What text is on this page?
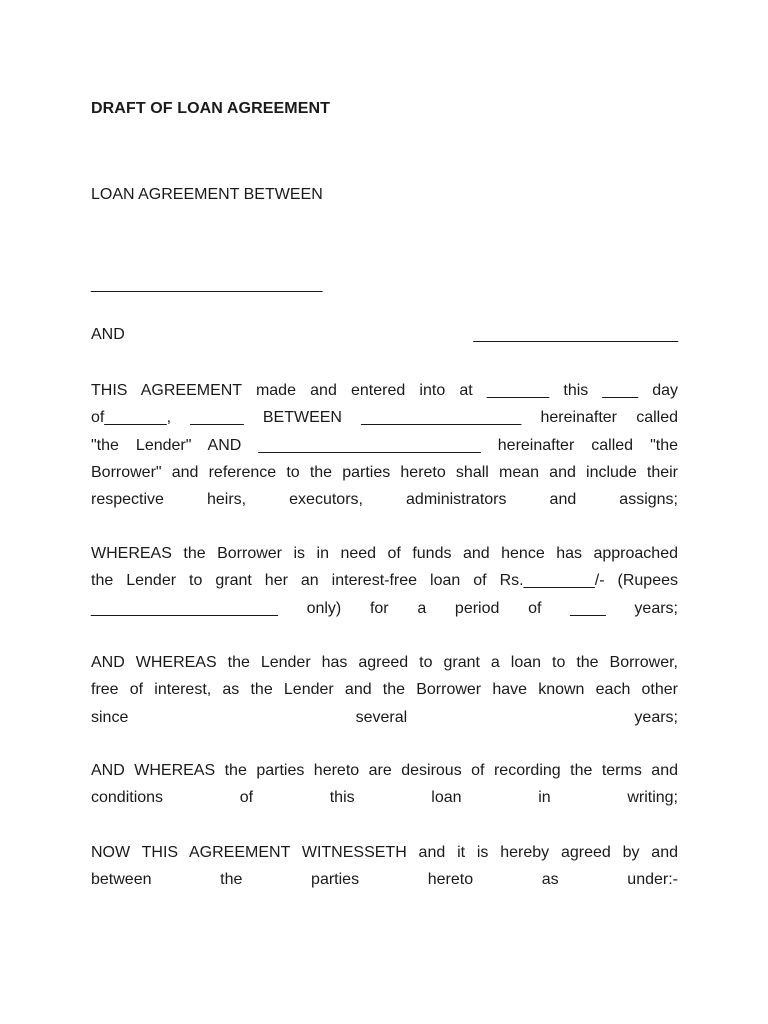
DRAFT OF LOAN AGREEMENT
LOAN AGREEMENT BETWEEN
__________________________
AND	_______________________
THIS AGREEMENT made and entered into at _______ this ____ day
of_______, ______ BETWEEN __________________ hereinafter called
"the Lender" AND _________________________ hereinafter called "the
Borrower" and reference to the parties hereto shall mean and include their
respective heirs, executors, administrators and assigns;
WHEREAS the Borrower is in need of funds and hence has approached
the Lender to grant her an interest-free loan of Rs.________/- (Rupees
_____________________ only) for a period of ____ years;
AND WHEREAS the Lender has agreed to grant a loan to the Borrower,
free of interest, as the Lender and the Borrower have known each other
since several years;
AND WHEREAS the parties hereto are desirous of recording the terms and
conditions of this loan in writing;
NOW THIS AGREEMENT WITNESSETH and it is hereby agreed by and
between the parties hereto as under:-
